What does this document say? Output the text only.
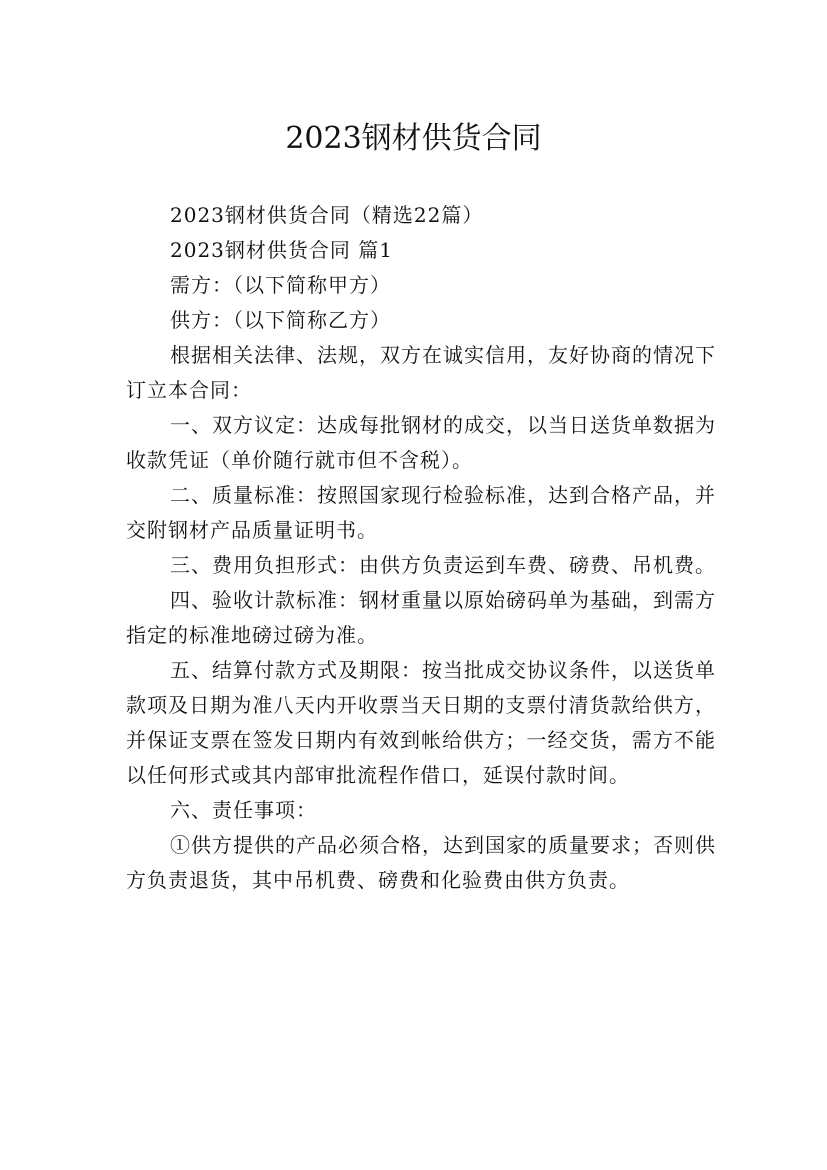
2023钢材供货合同

2023钢材供货合同（精选22篇）

2023钢材供货合同 篇1

需方：（以下简称甲方）

供方：（以下简称乙方）

根据相关法律、法规，双方在诚实信用，友好协商的情况下订立本合同：

一、双方议定：达成每批钢材的成交，以当日送货单数据为收款凭证（单价随行就市但不含税）。

二、质量标准：按照国家现行检验标准，达到合格产品，并交附钢材产品质量证明书。

三、费用负担形式：由供方负责运到车费、磅费、吊机费。

四、验收计款标准：钢材重量以原始磅码单为基础，到需方指定的标准地磅过磅为准。

五、结算付款方式及期限：按当批成交协议条件，以送货单款项及日期为准八天内开收票当天日期的支票付清货款给供方，并保证支票在签发日期内有效到帐给供方；一经交货，需方不能以任何形式或其内部审批流程作借口，延误付款时间。

六、责任事项：

①供方提供的产品必须合格，达到国家的质量要求；否则供方负责退货，其中吊机费、磅费和化验费由供方负责。
